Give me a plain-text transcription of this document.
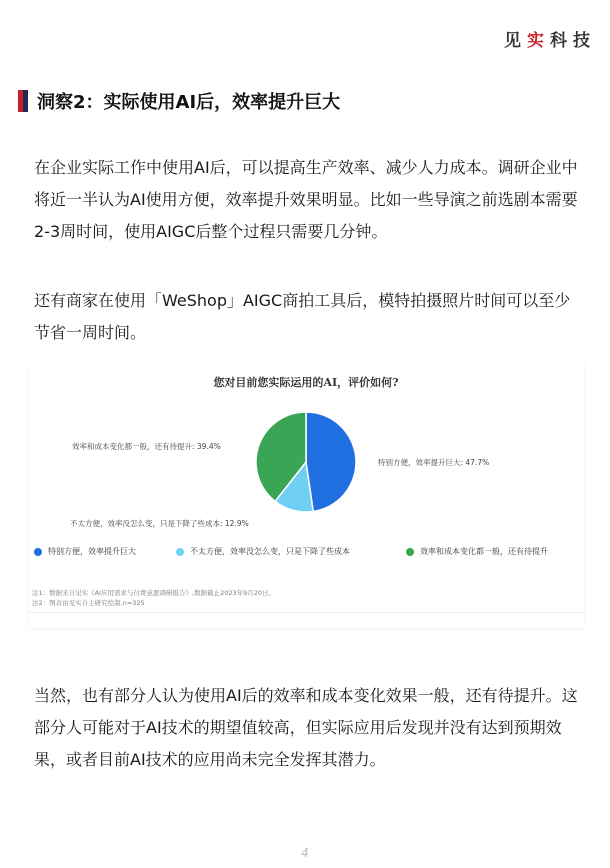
见实科技
洞察2：实际使用AI后，效率提升巨大

在企业实际工作中使用AI后，可以提高生产效率、减少人力成本。调研企业中将近一半认为AI使用方便，效率提升效果明显。比如一些导演之前选剧本需要2-3周时间，使用AIGC后整个过程只需要几分钟。

还有商家在使用「WeShop」AIGC商拍工具后，模特拍摄照片时间可以至少节省一周时间。

您对目前您实际运用的AI，评价如何?
特别方便，效率提升巨大: 47.7%
效率和成本变化都一般，还有待提升: 39.4%
不太方便，效率没怎么变，只是下降了些成本: 12.9%
特别方便，效率提升巨大	不太方便，效率没怎么变，只是下降了些成本	效率和成本变化都一般，还有待提升
注1：数据来自见实《AI应用需求与付费意愿调研报告》,数据截止2023年9月20日。
注2：图表由见实自主研究绘制,n=325

当然，也有部分人认为使用AI后的效率和成本变化效果一般，还有待提升。这部分人可能对于AI技术的期望值较高，但实际应用后发现并没有达到预期效果，或者目前AI技术的应用尚未完全发挥其潜力。

4
